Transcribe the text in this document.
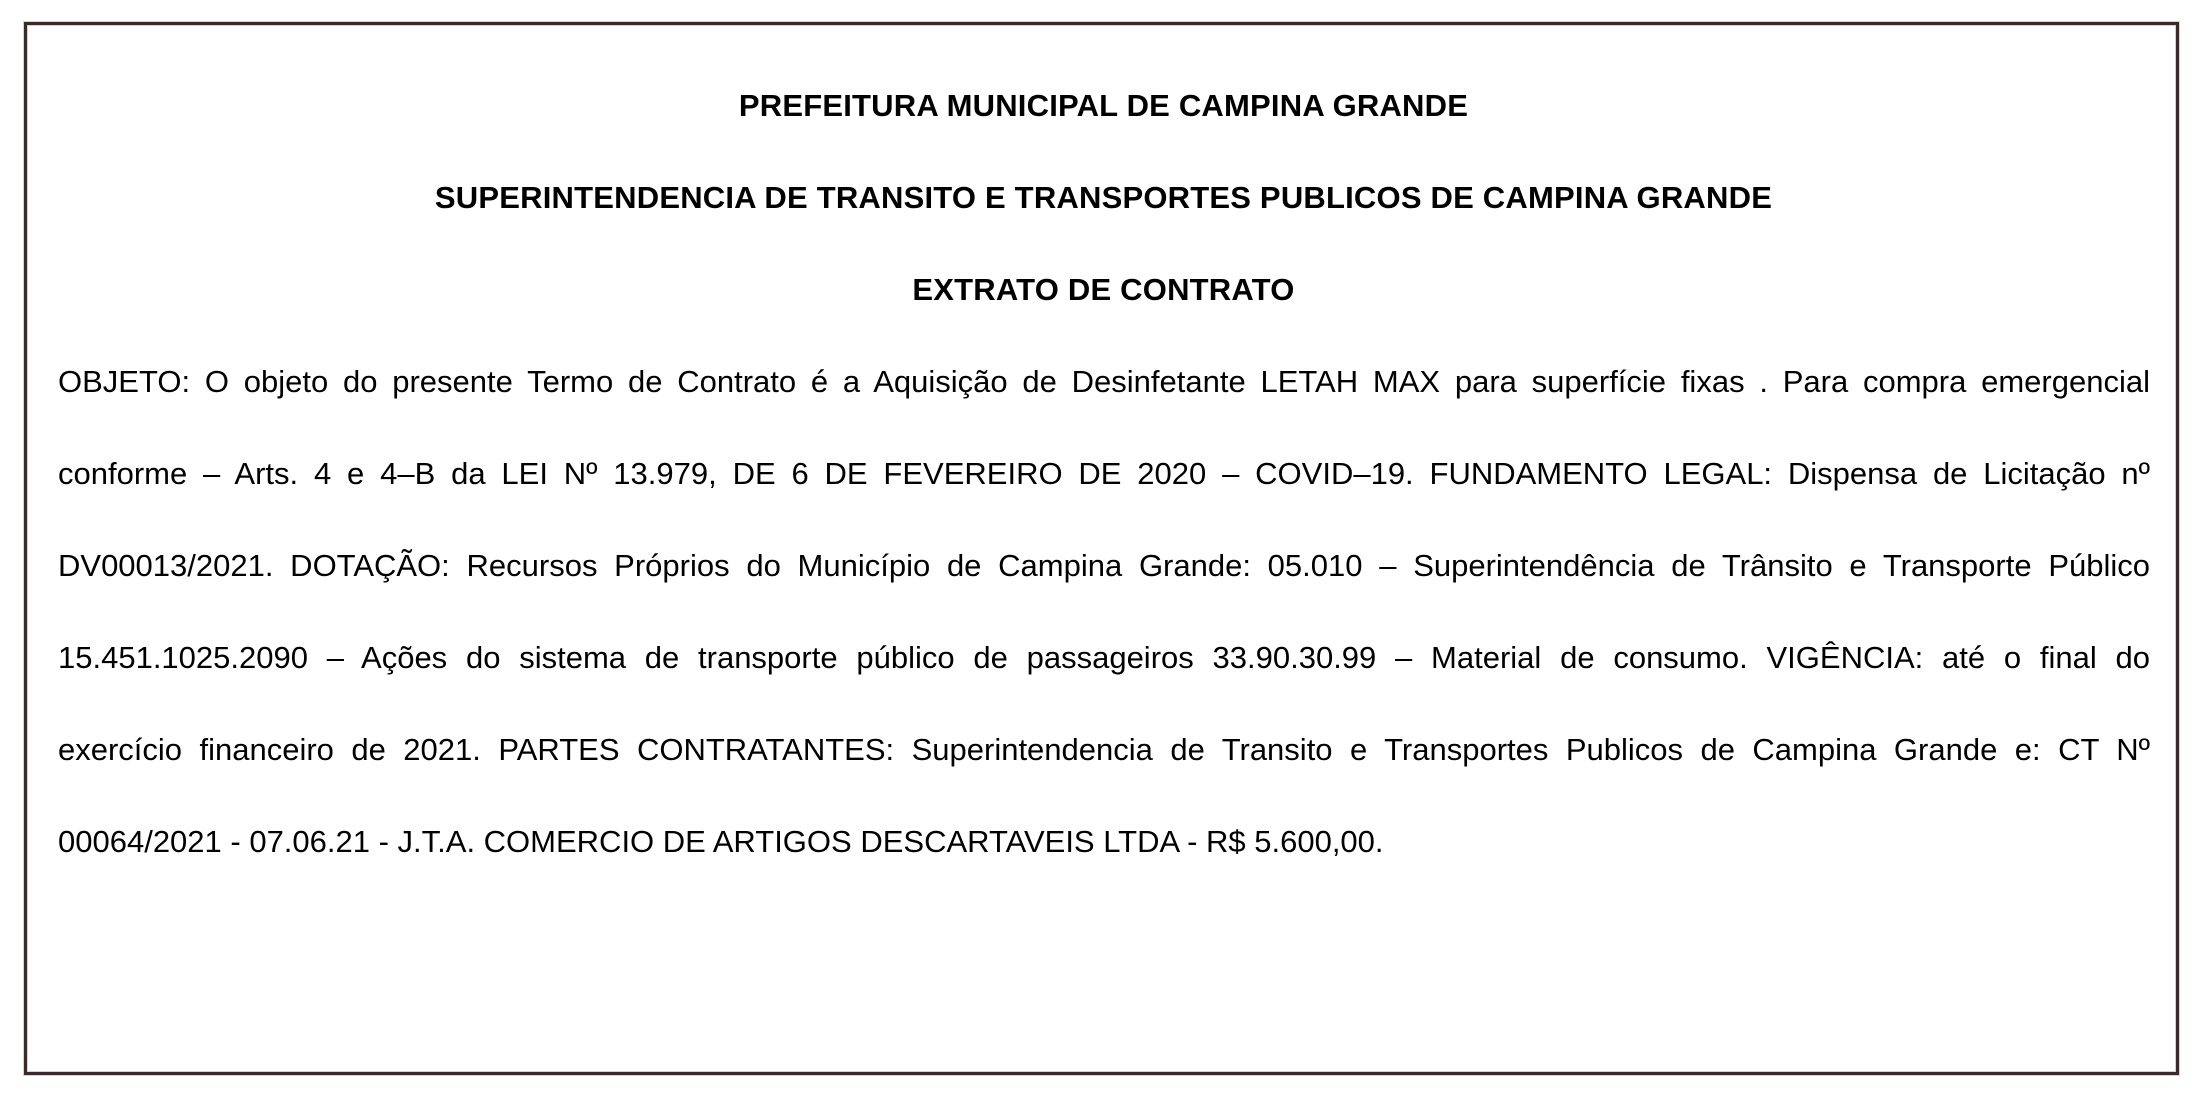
PREFEITURA MUNICIPAL DE CAMPINA GRANDE
SUPERINTENDENCIA DE TRANSITO E TRANSPORTES PUBLICOS DE CAMPINA GRANDE
EXTRATO DE CONTRATO
OBJETO: O objeto do presente Termo de Contrato é a Aquisição de Desinfetante LETAH MAX para superfície fixas . Para compra emergencial
conforme – Arts. 4 e 4–B da LEI Nº 13.979, DE 6 DE FEVEREIRO DE 2020 – COVID–19. FUNDAMENTO LEGAL: Dispensa de Licitação nº
DV00013/2021. DOTAÇÃO: Recursos Próprios do Município de Campina Grande: 05.010 – Superintendência de Trânsito e Transporte Público
15.451.1025.2090 – Ações do sistema de transporte público de passageiros 33.90.30.99 – Material de consumo. VIGÊNCIA: até o final do
exercício financeiro de 2021. PARTES CONTRATANTES: Superintendencia de Transito e Transportes Publicos de Campina Grande e: CT Nº
00064/2021 - 07.06.21 - J.T.A. COMERCIO DE ARTIGOS DESCARTAVEIS LTDA - R$ 5.600,00.
